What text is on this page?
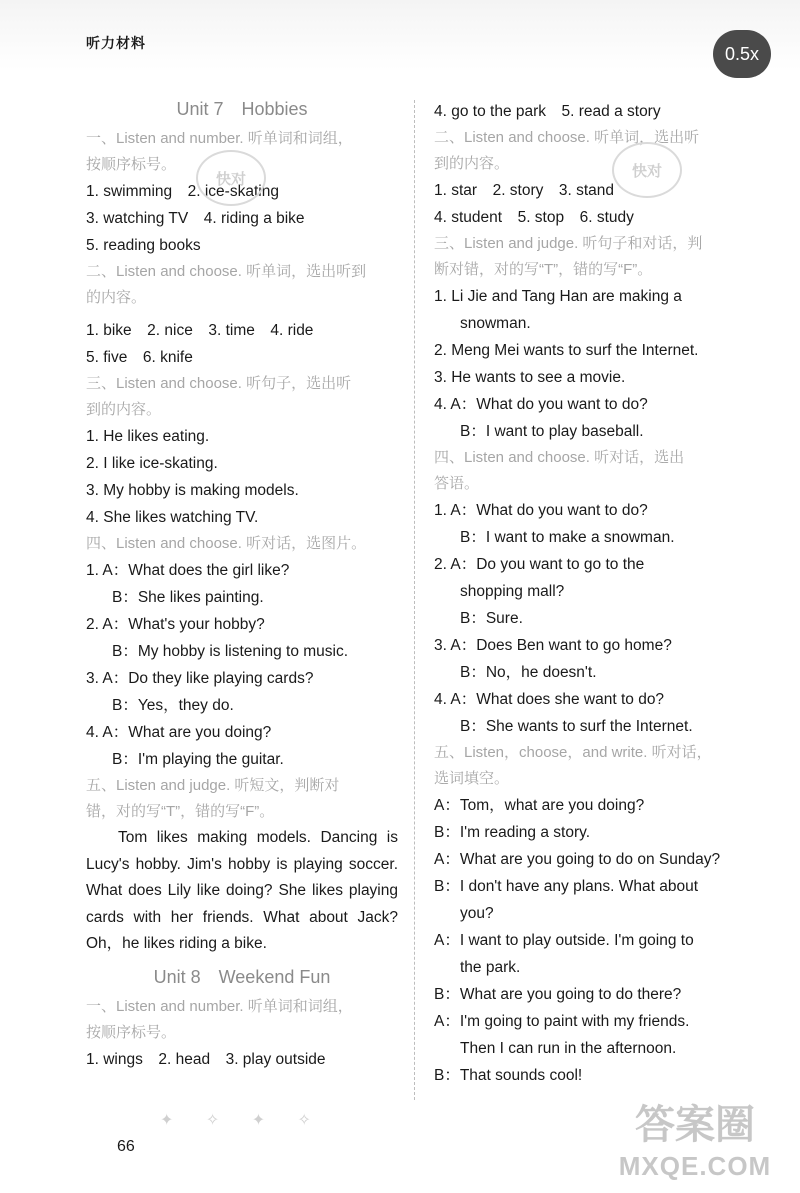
听力材料
0.5x
Unit 7　Hobbies
一、Listen and number. 听单词和词组，
按顺序标号。
1. swimming　2. ice-skating
3. watching TV　4. riding a bike
5. reading books
二、Listen and choose. 听单词，选出听到
的内容。
1. bike　2. nice　3. time　4. ride
5. five　6. knife
三、Listen and choose. 听句子，选出听
到的内容。
1. He likes eating.
2. I like ice-skating.
3. My hobby is making models.
4. She likes watching TV.
四、Listen and choose. 听对话，选图片。
1. A：What does the girl like?
B：She likes painting.
2. A：What's your hobby?
B：My hobby is listening to music.
3. A：Do they like playing cards?
B：Yes，they do.
4. A：What are you doing?
B：I'm playing the guitar.
五、Listen and judge. 听短文，判断对
错，对的写“T”，错的写“F”。
Tom likes making models. Dancing is Lucy's hobby. Jim's hobby is playing soccer. What does Lily like doing? She likes playing cards with her friends. What about Jack? Oh，he likes riding a bike.
Unit 8　Weekend Fun
一、Listen and number. 听单词和词组，
按顺序标号。
1. wings　2. head　3. play outside
4. go to the park　5. read a story
二、Listen and choose. 听单词，选出听
到的内容。
1. star　2. story　3. stand
4. student　5. stop　6. study
三、Listen and judge. 听句子和对话，判
断对错，对的写“T”，错的写“F”。
1. Li Jie and Tang Han are making a
snowman.
2. Meng Mei wants to surf the Internet.
3. He wants to see a movie.
4. A：What do you want to do?
B：I want to play baseball.
四、Listen and choose. 听对话，选出
答语。
1. A：What do you want to do?
B：I want to make a snowman.
2. A：Do you want to go to the
shopping mall?
B：Sure.
3. A：Does Ben want to go home?
B：No，he doesn't.
4. A：What does she want to do?
B：She wants to surf the Internet.
五、Listen，choose，and write. 听对话，
选词填空。
A：Tom，what are you doing?
B：I'm reading a story.
A：What are you going to do on Sunday?
B：I don't have any plans. What about
you?
A：I want to play outside. I'm going to
the park.
B：What are you going to do there?
A：I'm going to paint with my friends.
Then I can run in the afternoon.
B：That sounds cool!
快对	快对
✦ ✧ ✦ ✧
66	答案圈
MXQE.COM
